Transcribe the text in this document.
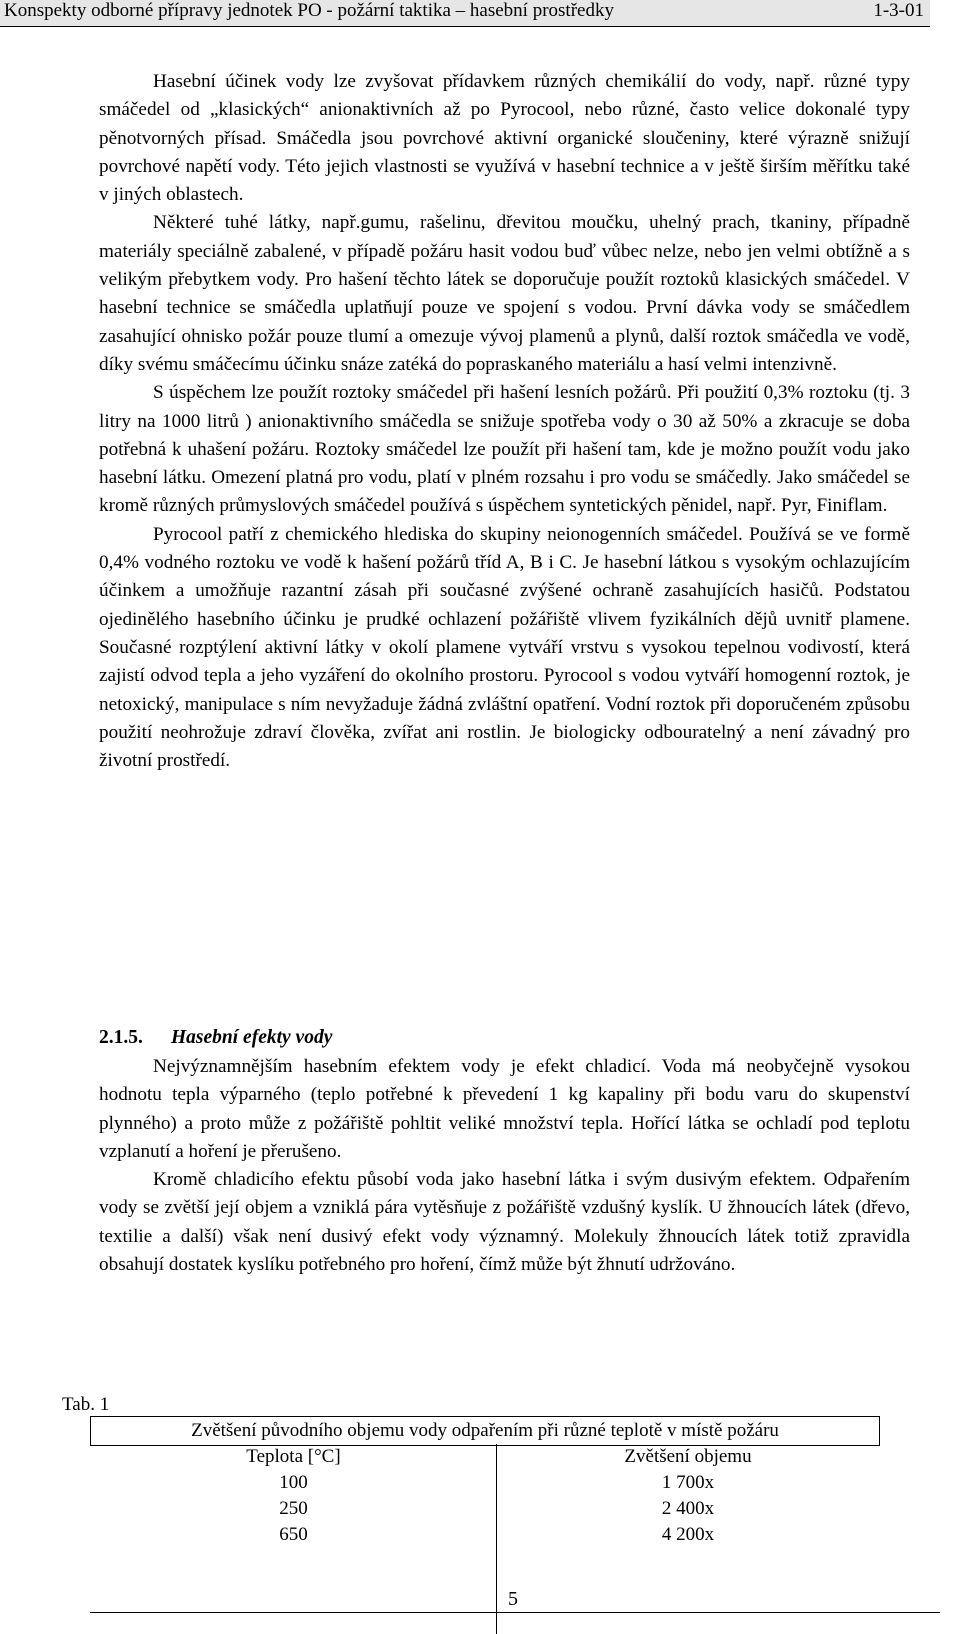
Konspekty odborné přípravy jednotek PO - požární taktika – hasební prostředky	1-3-01

Hasební účinek vody lze zvyšovat přídavkem různých chemikálií do vody, např. různé typy smáčedel od „klasických“ anionaktivních až po Pyrocool, nebo různé, často velice dokonalé typy pěnotvorných přísad. Smáčedla jsou povrchové aktivní organické sloučeniny, které výrazně snižují povrchové napětí vody. Této jejich vlastnosti se využívá v hasební technice a v ještě širším měřítku také v jiných oblastech.

Některé tuhé látky, např.gumu, rašelinu, dřevitou moučku, uhelný prach, tkaniny, případně materiály speciálně zabalené, v případě požáru hasit vodou buď vůbec nelze, nebo jen velmi obtížně a s velikým přebytkem vody. Pro hašení těchto látek se doporučuje použít roztoků klasických smáčedel. V hasební technice se smáčedla uplatňují pouze ve spojení s vodou. První dávka vody se smáčedlem zasahující ohnisko požár pouze tlumí a omezuje vývoj plamenů a plynů, další roztok smáčedla ve vodě, díky svému smáčecímu účinku snáze zatéká do popraskaného materiálu a hasí velmi intenzivně.

S úspěchem lze použít roztoky smáčedel při hašení lesních požárů. Při použití 0,3% roztoku (tj. 3 litry na 1000 litrů ) anionaktivního smáčedla se snižuje spotřeba vody o 30 až 50% a zkracuje se doba potřebná k uhašení požáru. Roztoky smáčedel lze použít při hašení tam, kde je možno použít vodu jako hasební látku. Omezení platná pro vodu, platí v plném rozsahu i pro vodu se smáčedly. Jako smáčedel se kromě různých průmyslových smáčedel používá s úspěchem syntetických pěnidel, např. Pyr, Finiflam.

Pyrocool patří z chemického hlediska do skupiny neionogenních smáčedel. Používá se ve formě 0,4% vodného roztoku ve vodě k hašení požárů tříd A, B i C. Je hasební látkou s vysokým ochlazujícím účinkem a umožňuje razantní zásah při současné zvýšené ochraně zasahujících hasičů. Podstatou ojedinělého hasebního účinku je prudké ochlazení požářiště vlivem fyzikálních dějů uvnitř plamene. Současné rozptýlení aktivní látky v okolí plamene vytváří vrstvu s vysokou tepelnou vodivostí, která zajistí odvod tepla a jeho vyzáření do okolního prostoru. Pyrocool s vodou vytváří homogenní roztok, je netoxický, manipulace s ním nevyžaduje žádná zvláštní opatření. Vodní roztok při doporučeném způsobu použití neohrožuje zdraví člověka, zvířat ani rostlin. Je biologicky odbouratelný a není závadný pro životní prostředí.

2.1.5. Hasební efekty vody

Nejvýznamnějším hasebním efektem vody je efekt chladicí. Voda má neobyčejně vysokou hodnotu tepla výparného (teplo potřebné k převedení 1 kg kapaliny při bodu varu do skupenství plynného) a proto může z požářiště pohltit veliké množství tepla. Hořící látka se ochladí pod teplotu vzplanutí a hoření je přerušeno.

Kromě chladicího efektu působí voda jako hasební látka i svým dusivým efektem. Odpařením vody se zvětší její objem a vzniklá pára vytěsňuje z požářiště vzdušný kyslík. U žhnoucích látek (dřevo, textilie a další) však není dusivý efekt vody významný. Molekuly žhnoucích látek totiž zpravidla obsahují dostatek kyslíku potřebného pro hoření, čímž může být žhnutí udržováno.

Tab. 1
Zvětšení původního objemu vody odpařením při různé teplotě v místě požáru
Teplota [°C]
100
250
650
Zvětšení objemu
1 700x
2 400x
4 200x
5
